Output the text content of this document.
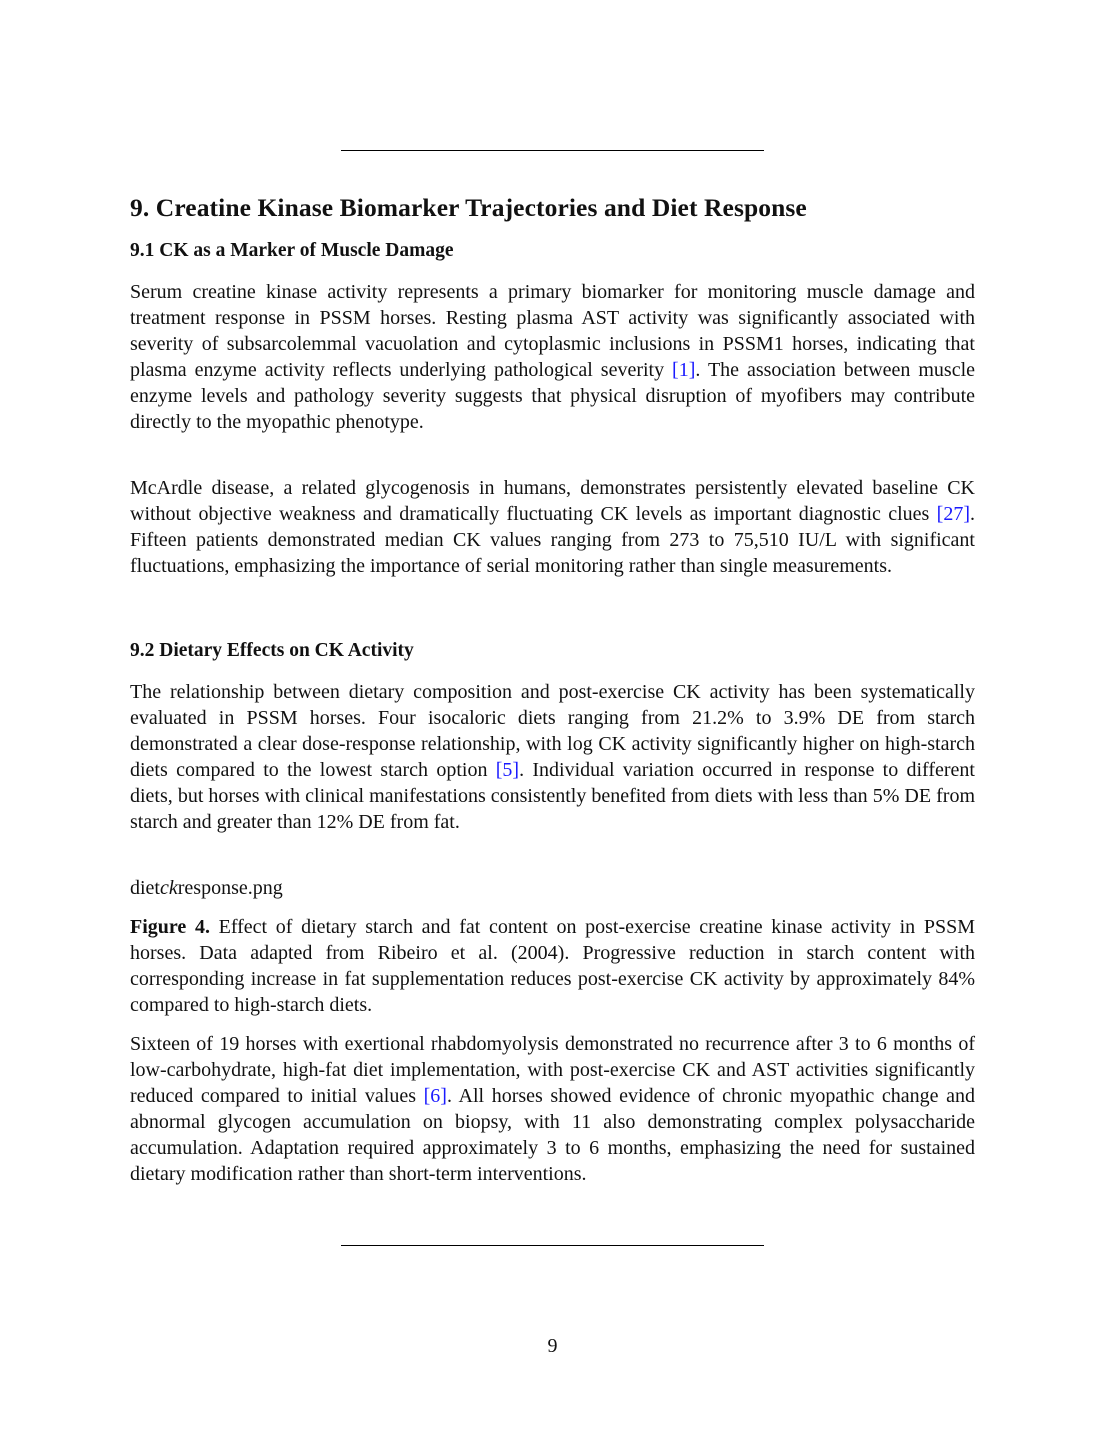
9. Creatine Kinase Biomarker Trajectories and Diet Response
9.1 CK as a Marker of Muscle Damage
Serum creatine kinase activity represents a primary biomarker for monitoring muscle damage and treatment response in PSSM horses. Resting plasma AST activity was significantly associated with severity of subsarcolemmal vacuolation and cytoplasmic inclusions in PSSM1 horses, indicating that plasma enzyme activity reflects underlying pathological severity [1]. The association between muscle enzyme levels and pathology severity suggests that physical disruption of myofibers may contribute directly to the myopathic phenotype.
McArdle disease, a related glycogenosis in humans, demonstrates persistently elevated baseline CK without objective weakness and dramatically fluctuating CK levels as important diagnostic clues [27]. Fifteen patients demonstrated median CK values ranging from 273 to 75,510 IU/L with significant fluctuations, emphasizing the importance of serial monitoring rather than single measurements.
9.2 Dietary Effects on CK Activity
The relationship between dietary composition and post-exercise CK activity has been systematically evaluated in PSSM horses. Four isocaloric diets ranging from 21.2% to 3.9% DE from starch demonstrated a clear dose-response relationship, with log CK activity significantly higher on high-starch diets compared to the lowest starch option [5]. Individual variation occurred in response to different diets, but horses with clinical manifestations consistently benefited from diets with less than 5% DE from starch and greater than 12% DE from fat.
dietckresponse.png
Figure 4. Effect of dietary starch and fat content on post-exercise creatine kinase activity in PSSM horses. Data adapted from Ribeiro et al. (2004). Progressive reduction in starch content with corresponding increase in fat supplementation reduces post-exercise CK activity by approximately 84% compared to high-starch diets.
Sixteen of 19 horses with exertional rhabdomyolysis demonstrated no recurrence after 3 to 6 months of low-carbohydrate, high-fat diet implementation, with post-exercise CK and AST activities significantly reduced compared to initial values [6]. All horses showed evidence of chronic myopathic change and abnormal glycogen accumulation on biopsy, with 11 also demonstrating complex polysaccharide accumulation. Adaptation required approximately 3 to 6 months, emphasizing the need for sustained dietary modification rather than short-term interventions.
9
